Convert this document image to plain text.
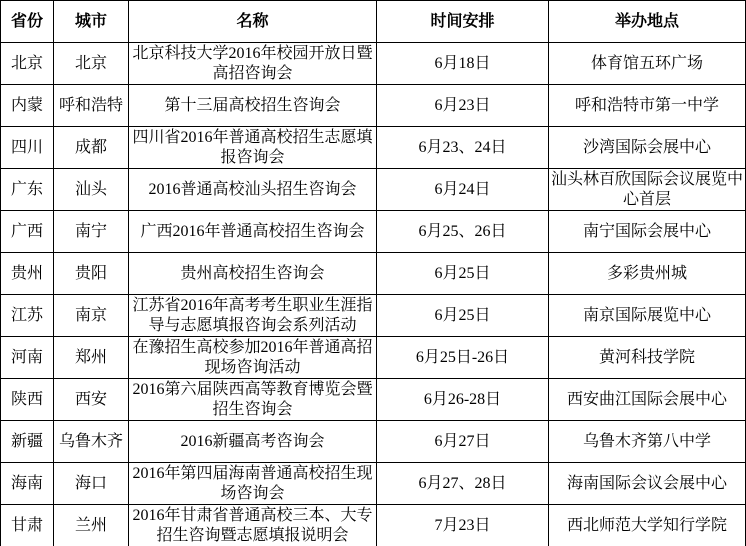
省份	城市	名称	时间安排	举办地点
北京	北京	北京科技大学2016年校园开放日暨高招咨询会	6月18日	体育馆五环广场
内蒙	呼和浩特	第十三届高校招生咨询会	6月23日	呼和浩特市第一中学
四川	成都	四川省2016年普通高校招生志愿填报咨询会	6月23、24日	沙湾国际会展中心
广东	汕头	2016普通高校汕头招生咨询会	6月24日	汕头林百欣国际会议展览中心首层
广西	南宁	广西2016年普通高校招生咨询会	6月25、26日	南宁国际会展中心
贵州	贵阳	贵州高校招生咨询会	6月25日	多彩贵州城
江苏	南京	江苏省2016年高考考生职业生涯指导与志愿填报咨询会系列活动	6月25日	南京国际展览中心
河南	郑州	在豫招生高校参加2016年普通高招现场咨询活动	6月25日-26日	黄河科技学院
陕西	西安	2016第六届陕西高等教育博览会暨招生咨询会	6月26-28日	西安曲江国际会展中心
新疆	乌鲁木齐	2016新疆高考咨询会	6月27日	乌鲁木齐第八中学
海南	海口	2016年第四届海南普通高校招生现场咨询会	6月27、28日	海南国际会议会展中心
甘肃	兰州	2016年甘肃省普通高校三本、大专招生咨询暨志愿填报说明会	7月23日	西北师范大学知行学院
